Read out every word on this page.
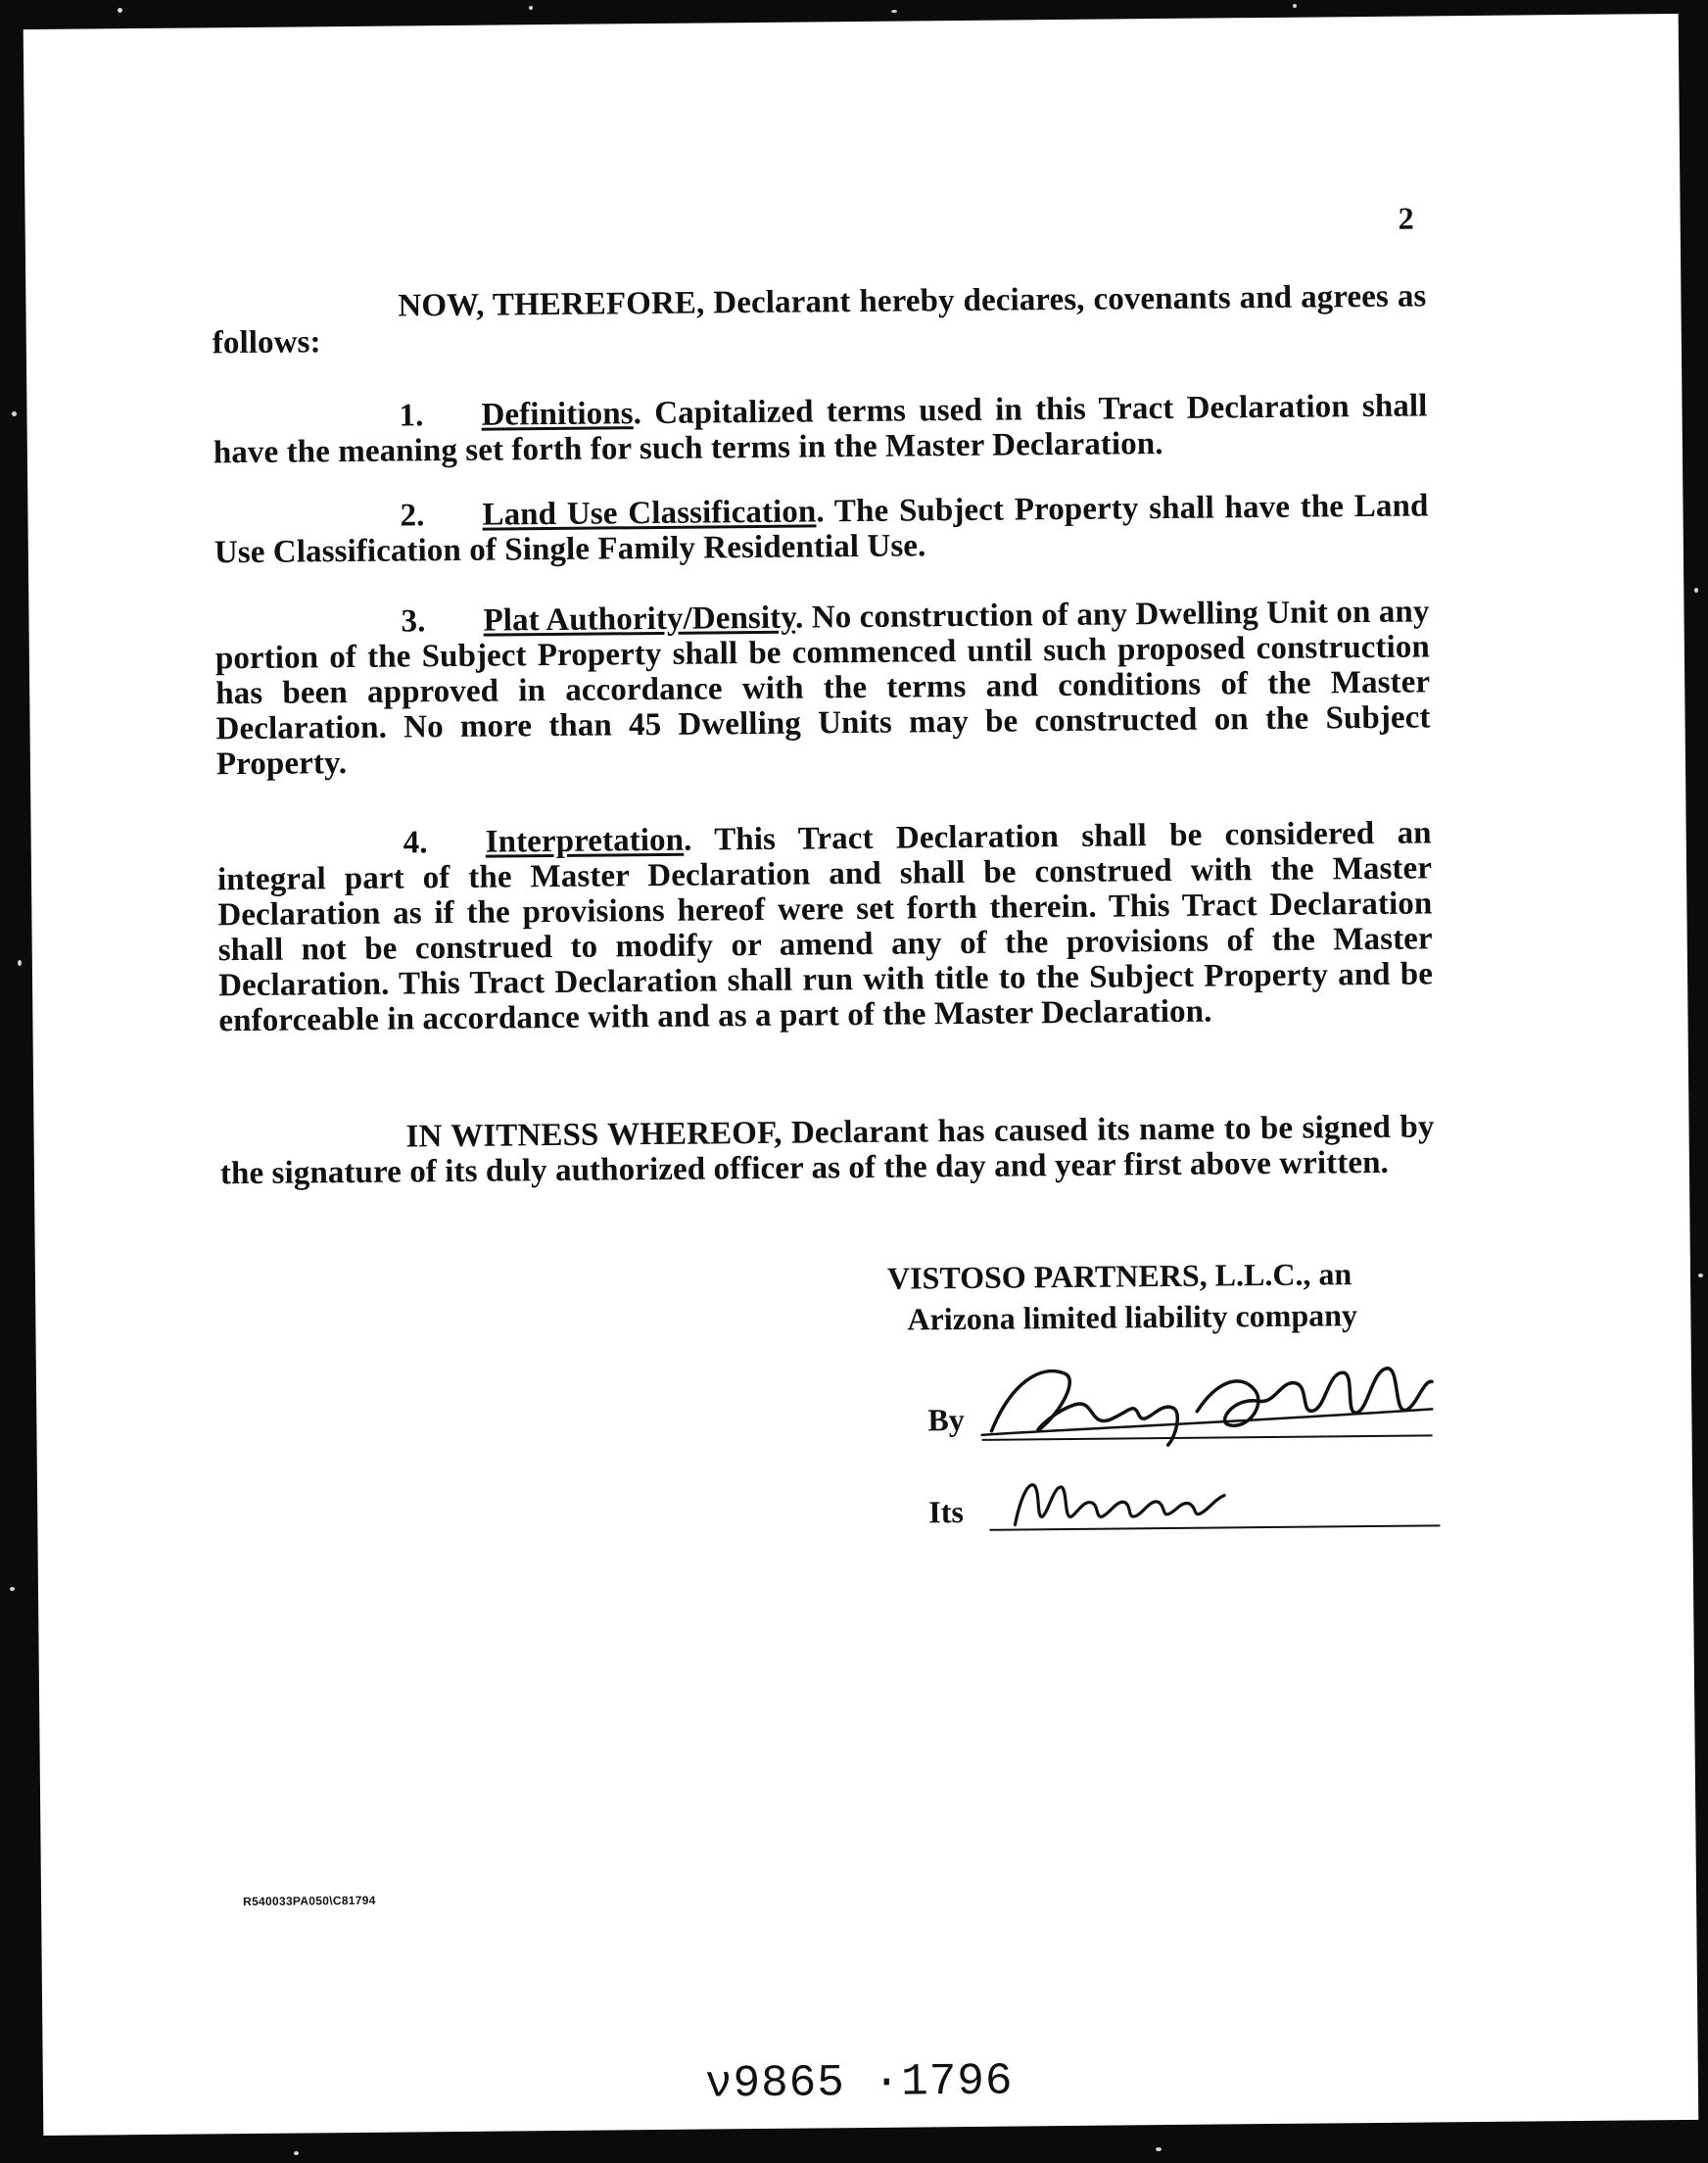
2
NOW, THEREFORE, Declarant hereby deciares, covenants and agrees as follows:
1. Definitions. Capitalized terms used in this Tract Declaration shall have the meaning set forth for such terms in the Master Declaration.
2. Land Use Classification. The Subject Property shall have the Land Use Classification of Single Family Residential Use.
3. Plat Authority/Density. No construction of any Dwelling Unit on any portion of the Subject Property shall be commenced until such proposed construction has been approved in accordance with the terms and conditions of the Master Declaration. No more than 45 Dwelling Units may be constructed on the Subject Property.
4. Interpretation. This Tract Declaration shall be considered an integral part of the Master Declaration and shall be construed with the Master Declaration as if the provisions hereof were set forth therein. This Tract Declaration shall not be construed to modify or amend any of the provisions of the Master Declaration. This Tract Declaration shall run with title to the Subject Property and be enforceable in accordance with and as a part of the Master Declaration.
IN WITNESS WHEREOF, Declarant has caused its name to be signed by the signature of its duly authorized officer as of the day and year first above written.
VISTOSO PARTNERS, L.L.C., an
Arizona limited liability company
By
Its
R540033PA050\C81794
ν9865 ·1796
